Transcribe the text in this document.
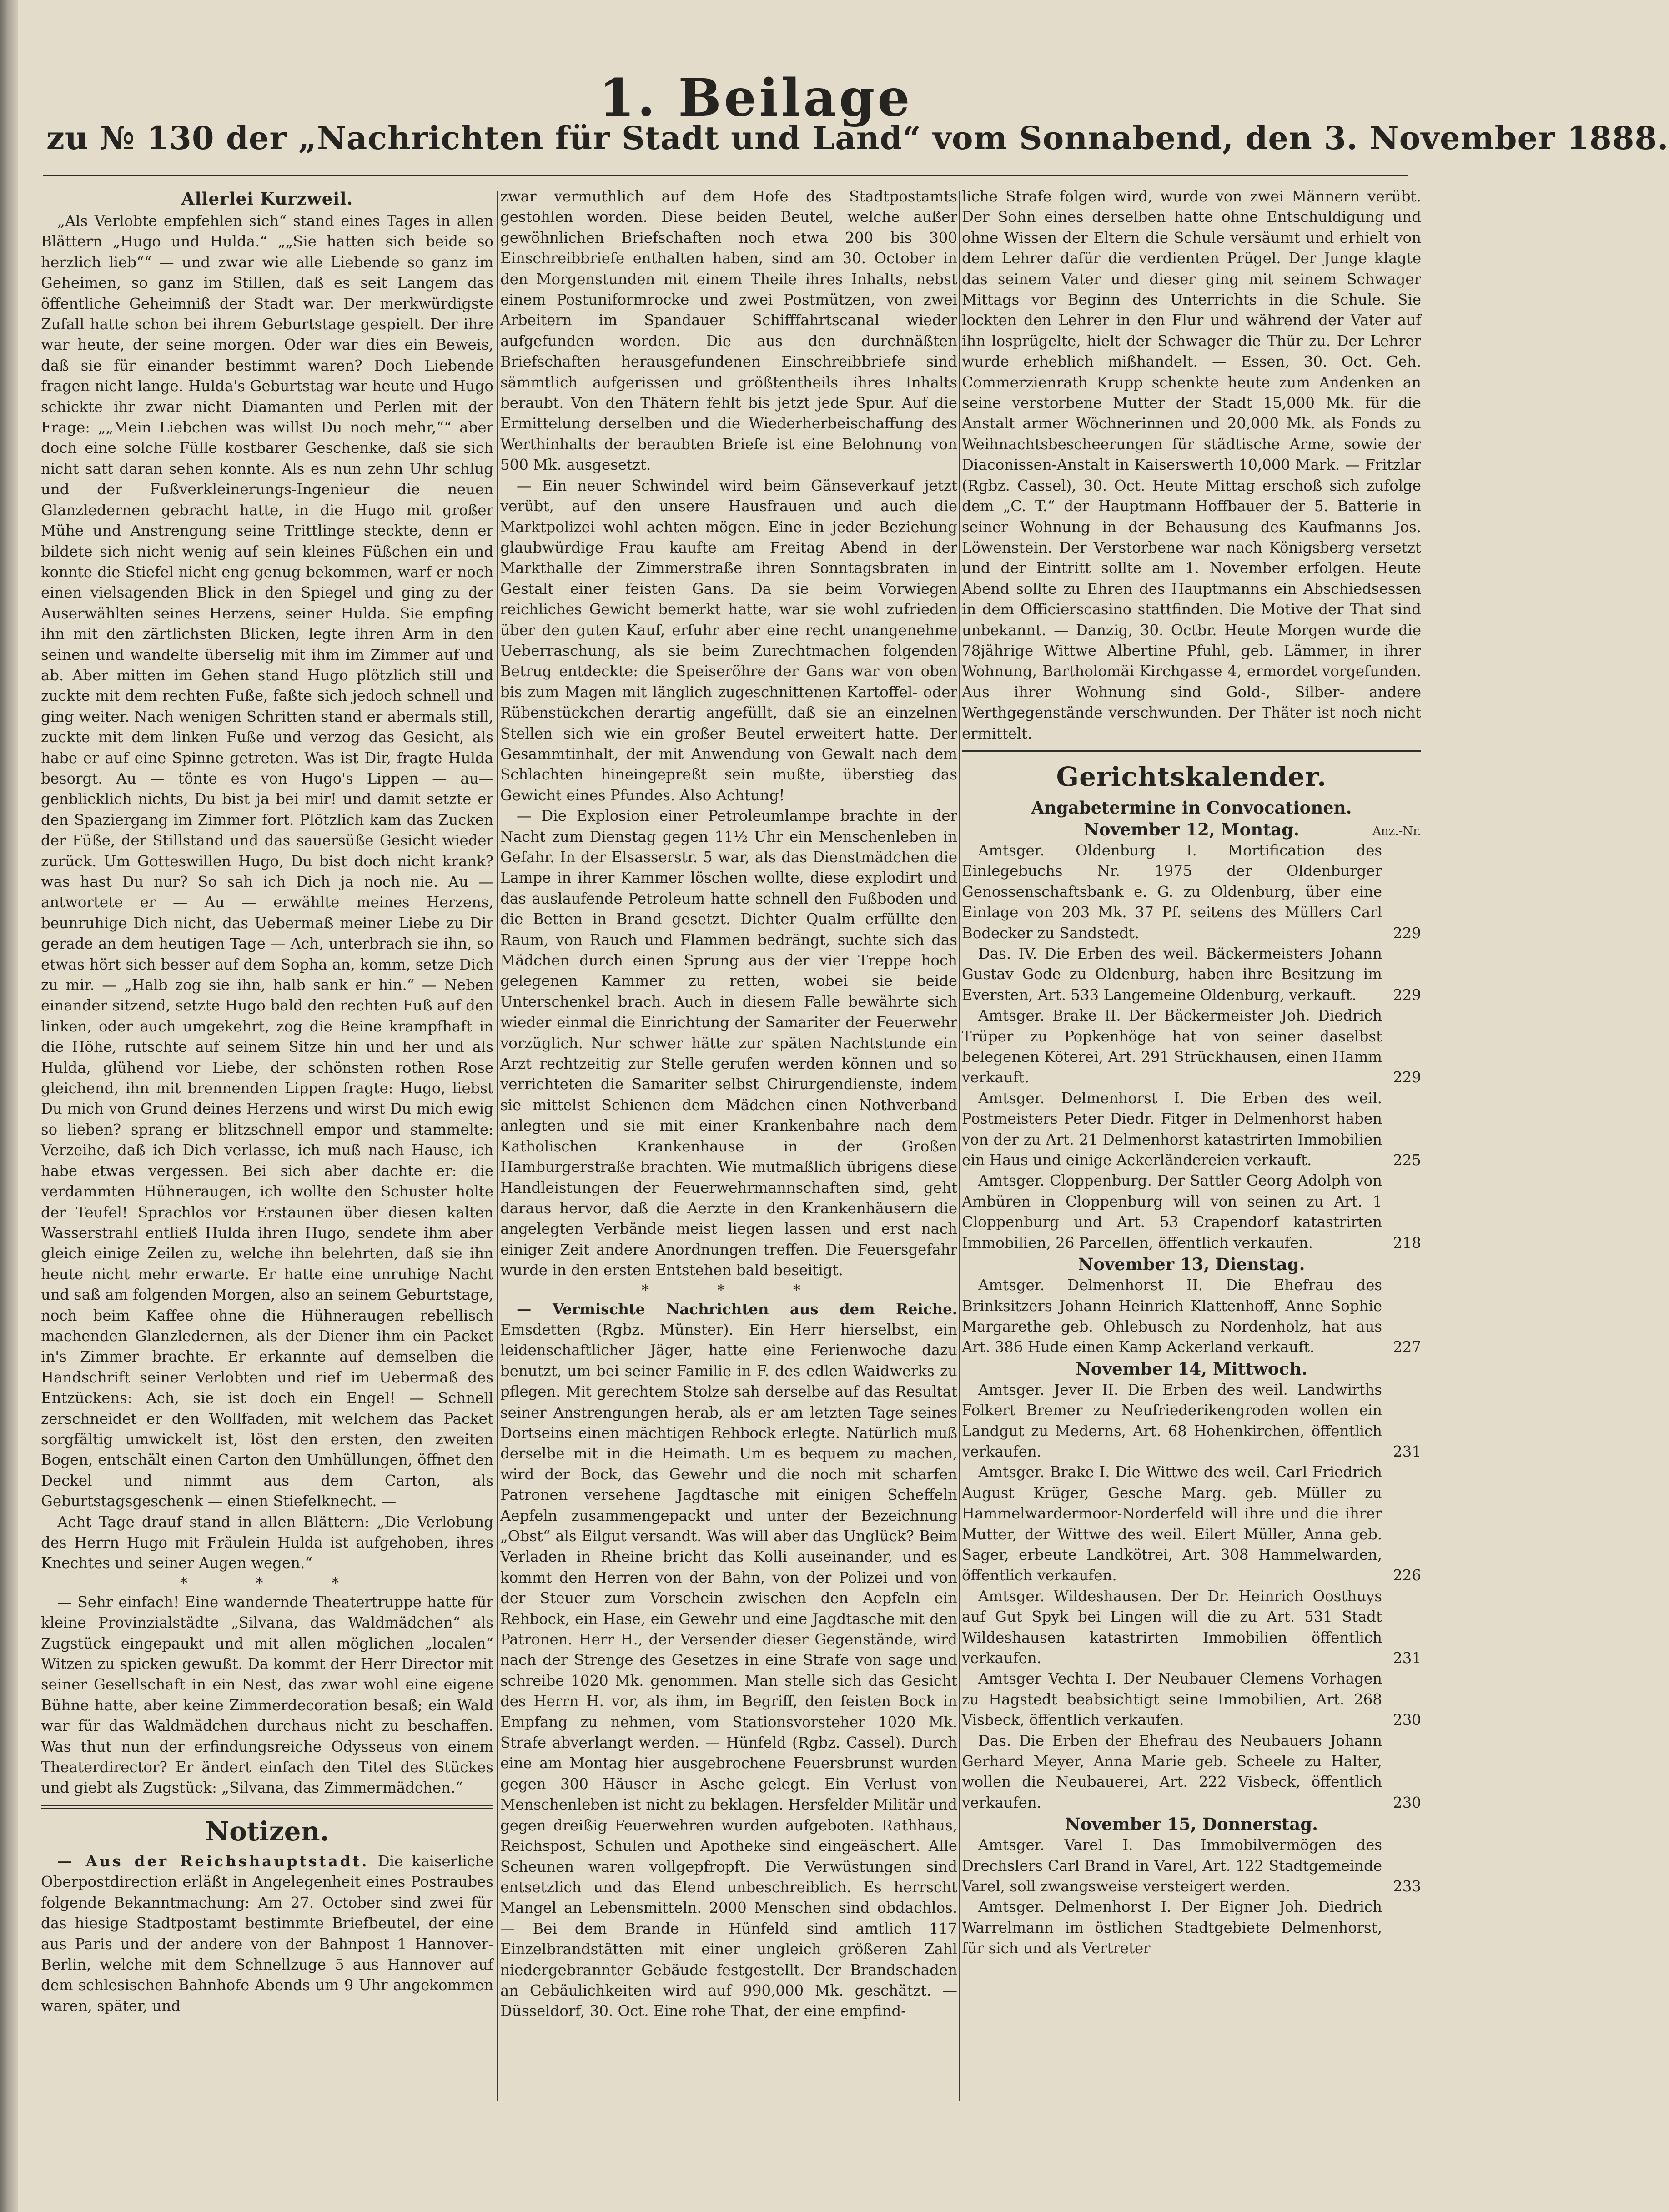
1. Beilage
zu № 130 der „Nachrichten für Stadt und Land“ vom Sonnabend, den 3. November 1888.
Allerlei Kurzweil.

„Als Verlobte empfehlen sich“ stand eines Tages in allen Blättern „Hugo und Hulda.“ „„Sie hatten sich beide so herzlich lieb““ — und zwar wie alle Liebende so ganz im Geheimen, so ganz im Stillen, daß es seit Langem das öffentliche Geheimniß der Stadt war. Der merkwürdigste Zufall hatte schon bei ihrem Geburtstage gespielt. Der ihre war heute, der seine morgen. Oder war dies ein Beweis, daß sie für einander bestimmt waren? Doch Liebende fragen nicht lange. Hulda's Geburtstag war heute und Hugo schickte ihr zwar nicht Diamanten und Perlen mit der Frage: „„Mein Liebchen was willst Du noch mehr,““ aber doch eine solche Fülle kostbarer Geschenke, daß sie sich nicht satt daran sehen konnte. Als es nun zehn Uhr schlug und der Fußverkleinerungs-Ingenieur die neuen Glanzledernen gebracht hatte, in die Hugo mit großer Mühe und Anstrengung seine Trittlinge steckte, denn er bildete sich nicht wenig auf sein kleines Füßchen ein und konnte die Stiefel nicht eng genug bekommen, warf er noch einen vielsagenden Blick in den Spiegel und ging zu der Auserwählten seines Herzens, seiner Hulda. Sie empfing ihn mit den zärtlichsten Blicken, legte ihren Arm in den seinen und wandelte überselig mit ihm im Zimmer auf und ab. Aber mitten im Gehen stand Hugo plötzlich still und zuckte mit dem rechten Fuße, faßte sich jedoch schnell und ging weiter. Nach wenigen Schritten stand er abermals still, zuckte mit dem linken Fuße und verzog das Gesicht, als habe er auf eine Spinne getreten. Was ist Dir, fragte Hulda besorgt. Au — tönte es von Hugo's Lippen — au—genblicklich nichts, Du bist ja bei mir! und damit setzte er den Spaziergang im Zimmer fort. Plötzlich kam das Zucken der Füße, der Stillstand und das sauersüße Gesicht wieder zurück. Um Gotteswillen Hugo, Du bist doch nicht krank? was hast Du nur? So sah ich Dich ja noch nie. Au — antwortete er — Au — erwählte meines Herzens, beunruhige Dich nicht, das Uebermaß meiner Liebe zu Dir gerade an dem heutigen Tage — Ach, unterbrach sie ihn, so etwas hört sich besser auf dem Sopha an, komm, setze Dich zu mir. — „Halb zog sie ihn, halb sank er hin.“ — Neben einander sitzend, setzte Hugo bald den rechten Fuß auf den linken, oder auch umgekehrt, zog die Beine krampfhaft in die Höhe, rutschte auf seinem Sitze hin und her und als Hulda, glühend vor Liebe, der schönsten rothen Rose gleichend, ihn mit brennenden Lippen fragte: Hugo, liebst Du mich von Grund deines Herzens und wirst Du mich ewig so lieben? sprang er blitzschnell empor und stammelte: Verzeihe, daß ich Dich verlasse, ich muß nach Hause, ich habe etwas vergessen. Bei sich aber dachte er: die verdammten Hühneraugen, ich wollte den Schuster holte der Teufel! Sprachlos vor Erstaunen über diesen kalten Wasserstrahl entließ Hulda ihren Hugo, sendete ihm aber gleich einige Zeilen zu, welche ihn belehrten, daß sie ihn heute nicht mehr erwarte. Er hatte eine unruhige Nacht und saß am folgenden Morgen, also an seinem Geburtstage, noch beim Kaffee ohne die Hühneraugen rebellisch machenden Glanzledernen, als der Diener ihm ein Packet in's Zimmer brachte. Er erkannte auf demselben die Handschrift seiner Verlobten und rief im Uebermaß des Entzückens: Ach, sie ist doch ein Engel! — Schnell zerschneidet er den Wollfaden, mit welchem das Packet sorgfältig umwickelt ist, löst den ersten, den zweiten Bogen, entschält einen Carton den Umhüllungen, öffnet den Deckel und nimmt aus dem Carton, als Geburtstagsgeschenk — einen Stiefelknecht. —

Acht Tage drauf stand in allen Blättern: „Die Verlobung des Herrn Hugo mit Fräulein Hulda ist aufgehoben, ihres Knechtes und seiner Augen wegen.“

* * *

— Sehr einfach! Eine wandernde Theatertruppe hatte für kleine Provinzialstädte „Silvana, das Waldmädchen“ als Zugstück eingepaukt und mit allen möglichen „localen“ Witzen zu spicken gewußt. Da kommt der Herr Director mit seiner Gesellschaft in ein Nest, das zwar wohl eine eigene Bühne hatte, aber keine Zimmerdecoration besaß; ein Wald war für das Waldmädchen durchaus nicht zu beschaffen. Was thut nun der erfindungsreiche Odysseus von einem Theaterdirector? Er ändert einfach den Titel des Stückes und giebt als Zugstück: „Silvana, das Zimmermädchen.“

Notizen.

— Aus der Reichshauptstadt. Die kaiserliche Oberpostdirection erläßt in Angelegenheit eines Postraubes folgende Bekanntmachung: Am 27. October sind zwei für das hiesige Stadtpostamt bestimmte Briefbeutel, der eine aus Paris und der andere von der Bahnpost 1 Hannover-Berlin, welche mit dem Schnellzuge 5 aus Hannover auf dem schlesischen Bahnhofe Abends um 9 Uhr angekommen waren, später, und

zwar vermuthlich auf dem Hofe des Stadtpostamts gestohlen worden. Diese beiden Beutel, welche außer gewöhnlichen Briefschaften noch etwa 200 bis 300 Einschreibbriefe enthalten haben, sind am 30. October in den Morgenstunden mit einem Theile ihres Inhalts, nebst einem Postuniformrocke und zwei Postmützen, von zwei Arbeitern im Spandauer Schifffahrtscanal wieder aufgefunden worden. Die aus den durchnäßten Briefschaften herausgefundenen Einschreibbriefe sind sämmtlich aufgerissen und größtentheils ihres Inhalts beraubt. Von den Thätern fehlt bis jetzt jede Spur. Auf die Ermittelung derselben und die Wiederherbeischaffung des Werthinhalts der beraubten Briefe ist eine Belohnung von 500 Mk. ausgesetzt.

— Ein neuer Schwindel wird beim Gänseverkauf jetzt verübt, auf den unsere Hausfrauen und auch die Marktpolizei wohl achten mögen. Eine in jeder Beziehung glaubwürdige Frau kaufte am Freitag Abend in der Markthalle der Zimmerstraße ihren Sonntagsbraten in Gestalt einer feisten Gans. Da sie beim Vorwiegen reichliches Gewicht bemerkt hatte, war sie wohl zufrieden über den guten Kauf, erfuhr aber eine recht unangenehme Ueberraschung, als sie beim Zurechtmachen folgenden Betrug entdeckte: die Speiseröhre der Gans war von oben bis zum Magen mit länglich zugeschnittenen Kartoffel- oder Rübenstückchen derartig angefüllt, daß sie an einzelnen Stellen sich wie ein großer Beutel erweitert hatte. Der Gesammtinhalt, der mit Anwendung von Gewalt nach dem Schlachten hineingepreßt sein mußte, überstieg das Gewicht eines Pfundes. Also Achtung!

— Die Explosion einer Petroleumlampe brachte in der Nacht zum Dienstag gegen 11½ Uhr ein Menschenleben in Gefahr. In der Elsasserstr. 5 war, als das Dienstmädchen die Lampe in ihrer Kammer löschen wollte, diese explodirt und das auslaufende Petroleum hatte schnell den Fußboden und die Betten in Brand gesetzt. Dichter Qualm erfüllte den Raum, von Rauch und Flammen bedrängt, suchte sich das Mädchen durch einen Sprung aus der vier Treppe hoch gelegenen Kammer zu retten, wobei sie beide Unterschenkel brach. Auch in diesem Falle bewährte sich wieder einmal die Einrichtung der Samariter der Feuerwehr vorzüglich. Nur schwer hätte zur späten Nachtstunde ein Arzt rechtzeitig zur Stelle gerufen werden können und so verrichteten die Samariter selbst Chirurgendienste, indem sie mittelst Schienen dem Mädchen einen Nothverband anlegten und sie mit einer Krankenbahre nach dem Katholischen Krankenhause in der Großen Hamburgerstraße brachten. Wie mutmaßlich übrigens diese Handleistungen der Feuerwehrmannschaften sind, geht daraus hervor, daß die Aerzte in den Krankenhäusern die angelegten Verbände meist liegen lassen und erst nach einiger Zeit andere Anordnungen treffen. Die Feuersgefahr wurde in den ersten Entstehen bald beseitigt.

* * *

— Vermischte Nachrichten aus dem Reiche. Emsdetten (Rgbz. Münster). Ein Herr hierselbst, ein leidenschaftlicher Jäger, hatte eine Ferienwoche dazu benutzt, um bei seiner Familie in F. des edlen Waidwerks zu pflegen. Mit gerechtem Stolze sah derselbe auf das Resultat seiner Anstrengungen herab, als er am letzten Tage seines Dortseins einen mächtigen Rehbock erlegte. Natürlich muß derselbe mit in die Heimath. Um es bequem zu machen, wird der Bock, das Gewehr und die noch mit scharfen Patronen versehene Jagdtasche mit einigen Scheffeln Aepfeln zusammengepackt und unter der Bezeichnung „Obst“ als Eilgut versandt. Was will aber das Unglück? Beim Verladen in Rheine bricht das Kolli auseinander, und es kommt den Herren von der Bahn, von der Polizei und von der Steuer zum Vorschein zwischen den Aepfeln ein Rehbock, ein Hase, ein Gewehr und eine Jagdtasche mit den Patronen. Herr H., der Versender dieser Gegenstände, wird nach der Strenge des Gesetzes in eine Strafe von sage und schreibe 1020 Mk. genommen. Man stelle sich das Gesicht des Herrn H. vor, als ihm, im Begriff, den feisten Bock in Empfang zu nehmen, vom Stationsvorsteher 1020 Mk. Strafe abverlangt werden. — Hünfeld (Rgbz. Cassel). Durch eine am Montag hier ausgebrochene Feuersbrunst wurden gegen 300 Häuser in Asche gelegt. Ein Verlust von Menschenleben ist nicht zu beklagen. Hersfelder Militär und gegen dreißig Feuerwehren wurden aufgeboten. Rathhaus, Reichspost, Schulen und Apotheke sind eingeäschert. Alle Scheunen waren vollgepfropft. Die Verwüstungen sind entsetzlich und das Elend unbeschreiblich. Es herrscht Mangel an Lebensmitteln. 2000 Menschen sind obdachlos. — Bei dem Brande in Hünfeld sind amtlich 117 Einzelbrandstätten mit einer ungleich größeren Zahl niedergebrannter Gebäude festgestellt. Der Brandschaden an Gebäulichkeiten wird auf 990,000 Mk. geschätzt. — Düsseldorf, 30. Oct. Eine rohe That, der eine empfind-

liche Strafe folgen wird, wurde von zwei Männern verübt. Der Sohn eines derselben hatte ohne Entschuldigung und ohne Wissen der Eltern die Schule versäumt und erhielt von dem Lehrer dafür die verdienten Prügel. Der Junge klagte das seinem Vater und dieser ging mit seinem Schwager Mittags vor Beginn des Unterrichts in die Schule. Sie lockten den Lehrer in den Flur und während der Vater auf ihn losprügelte, hielt der Schwager die Thür zu. Der Lehrer wurde erheblich mißhandelt. — Essen, 30. Oct. Geh. Commerzienrath Krupp schenkte heute zum Andenken an seine verstorbene Mutter der Stadt 15,000 Mk. für die Anstalt armer Wöchnerinnen und 20,000 Mk. als Fonds zu Weihnachtsbescheerungen für städtische Arme, sowie der Diaconissen-Anstalt in Kaiserswerth 10,000 Mark. — Fritzlar (Rgbz. Cassel), 30. Oct. Heute Mittag erschoß sich zufolge dem „C. T.“ der Hauptmann Hoffbauer der 5. Batterie in seiner Wohnung in der Behausung des Kaufmanns Jos. Löwenstein. Der Verstorbene war nach Königsberg versetzt und der Eintritt sollte am 1. November erfolgen. Heute Abend sollte zu Ehren des Hauptmanns ein Abschiedsessen in dem Officierscasino stattfinden. Die Motive der That sind unbekannt. — Danzig, 30. Octbr. Heute Morgen wurde die 78jährige Wittwe Albertine Pfuhl, geb. Lämmer, in ihrer Wohnung, Bartholomäi Kirchgasse 4, ermordet vorgefunden. Aus ihrer Wohnung sind Gold-, Silber- andere Werthgegenstände verschwunden. Der Thäter ist noch nicht ermittelt.

Gerichtskalender.
Angabetermine in Convocationen.
November 12, Montag.	Anz.-Nr.
Amtsger. Oldenburg I. Mortification des Einlegebuchs Nr. 1975 der Oldenburger Genossenschaftsbank e. G. zu Oldenburg, über eine Einlage von 203 Mk. 37 Pf. seitens des Müllers Carl Bodecker zu Sandstedt.	229
Das. IV. Die Erben des weil. Bäckermeisters Johann Gustav Gode zu Oldenburg, haben ihre Besitzung im Eversten, Art. 533 Langemeine Oldenburg, verkauft. 229
Amtsger. Brake II. Der Bäckermeister Joh. Diedrich Trüper zu Popkenhöge hat von seiner daselbst belegenen Köterei, Art. 291 Strückhausen, einen Hamm verkauft.	229
Amtsger. Delmenhorst I. Die Erben des weil. Postmeisters Peter Diedr. Fitger in Delmenhorst haben von der zu Art. 21 Delmenhorst katastrirten Immobilien ein Haus und einige Ackerländereien verkauft.	225
Amtsger. Cloppenburg. Der Sattler Georg Adolph von Ambüren in Cloppenburg will von seinen zu Art. 1 Cloppenburg und Art. 53 Crapendorf katastrirten Immobilien, 26 Parcellen, öffentlich verkaufen.	218
November 13, Dienstag.
Amtsger. Delmenhorst II. Die Ehefrau des Brinksitzers Johann Heinrich Klattenhoff, Anne Sophie Margarethe geb. Ohlebusch zu Nordenholz, hat aus Art. 386 Hude einen Kamp Ackerland verkauft.	227
November 14, Mittwoch.
Amtsger. Jever II. Die Erben des weil. Landwirths Folkert Bremer zu Neufriederikengroden wollen ein Landgut zu Mederns, Art. 68 Hohenkirchen, öffentlich verkaufen.	231
Amtsger. Brake I. Die Wittwe des weil. Carl Friedrich August Krüger, Gesche Marg. geb. Müller zu Hammelwardermoor-Norderfeld will ihre und die ihrer Mutter, der Wittwe des weil. Eilert Müller, Anna geb. Sager, erbeute Landkötrei, Art. 308 Hammelwarden, öffentlich verkaufen.	226
Amtsger. Wildeshausen. Der Dr. Heinrich Oosthuys auf Gut Spyk bei Lingen will die zu Art. 531 Stadt Wildeshausen katastrirten Immobilien öffentlich verkaufen.	231
Amtsger Vechta I. Der Neubauer Clemens Vorhagen zu Hagstedt beabsichtigt seine Immobilien, Art. 268 Visbeck, öffentlich verkaufen.	230
Das. Die Erben der Ehefrau des Neubauers Johann Gerhard Meyer, Anna Marie geb. Scheele zu Halter, wollen die Neubauerei, Art. 222 Visbeck, öffentlich verkaufen.	230
November 15, Donnerstag.
Amtsger. Varel I. Das Immobilvermögen des Drechslers Carl Brand in Varel, Art. 122 Stadtgemeinde Varel, soll zwangsweise versteigert werden.	233
Amtsger. Delmenhorst I. Der Eigner Joh. Diedrich Warrelmann im östlichen Stadtgebiete Delmenhorst, für sich und als Vertreter
